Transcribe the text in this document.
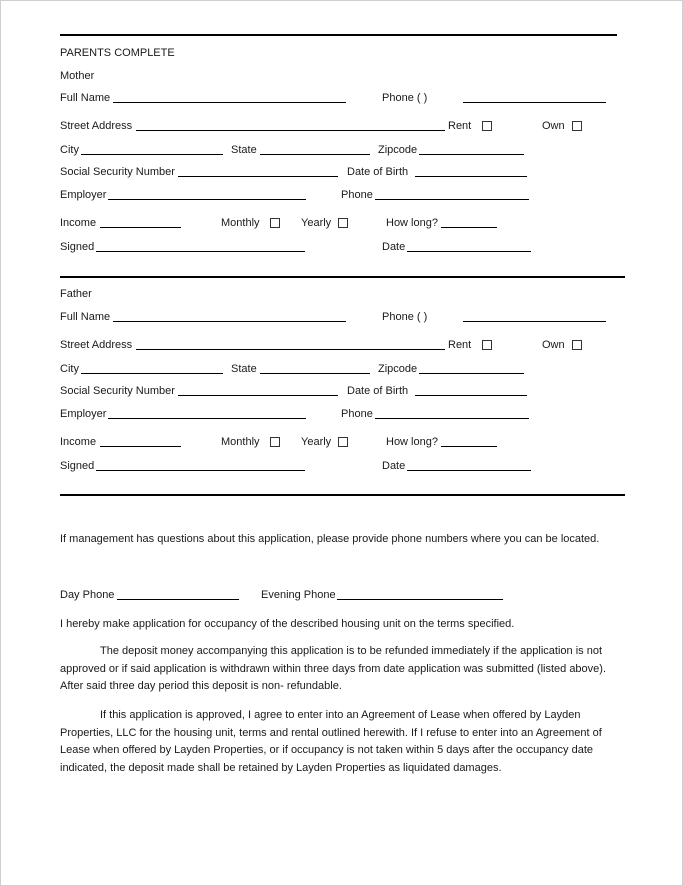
PARENTS COMPLETE
Mother
Full Name	Phone ( )
Street Address	Rent	Own
City	State	Zipcode
Social Security Number	Date of Birth
Employer	Phone
Income	Monthly	Yearly	How long?
Signed	Date
Father
Full Name	Phone ( )
Street Address	Rent	Own
City	State	Zipcode
Social Security Number	Date of Birth
Employer	Phone
Income	Monthly	Yearly	How long?
Signed	Date
If management has questions about this application, please provide phone numbers where you can be located.
Day Phone	Evening Phone
I hereby make application for occupancy of the described housing unit on the terms specified.
The deposit money accompanying this application is to be refunded immediately if the application is not approved or if said application is withdrawn within three days from date application was submitted (listed above). After said three day period this deposit is non- refundable.
If this application is approved, I agree to enter into an Agreement of Lease when offered by Layden Properties, LLC for the housing unit, terms and rental outlined herewith. If I refuse to enter into an Agreement of Lease when offered by Layden Properties, or if occupancy is not taken within 5 days after the occupancy date indicated, the deposit made shall be retained by Layden Properties as liquidated damages.
